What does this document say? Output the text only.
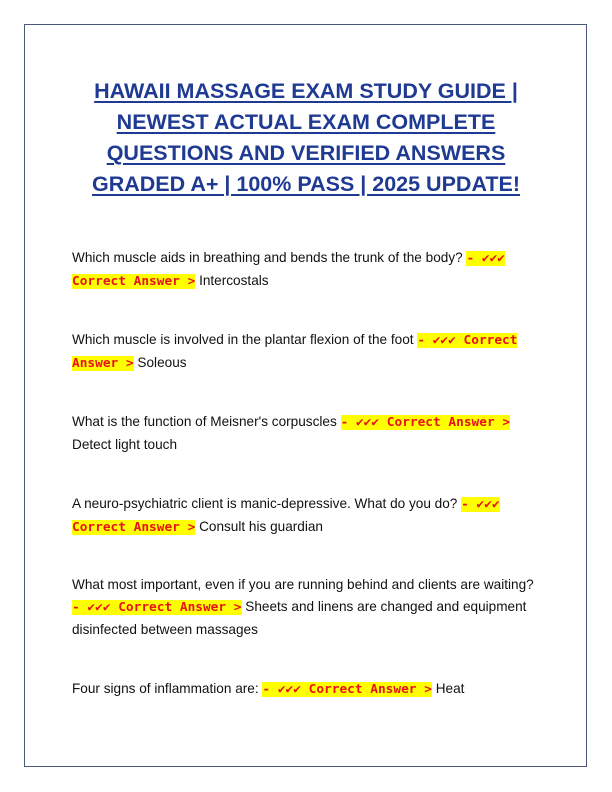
HAWAII MASSAGE EXAM STUDY GUIDE |
NEWEST ACTUAL EXAM COMPLETE
QUESTIONS AND VERIFIED ANSWERS
GRADED A+ | 100% PASS | 2025 UPDATE!

Which muscle aids in breathing and bends the trunk of the body? - ✔✔✔ Correct Answer > Intercostals

Which muscle is involved in the plantar flexion of the foot - ✔✔✔ Correct Answer > Soleous

What is the function of Meisner's corpuscles - ✔✔✔ Correct Answer > Detect light touch

A neuro-psychiatric client is manic-depressive. What do you do? - ✔✔✔ Correct Answer > Consult his guardian

What most important, even if you are running behind and clients are waiting? - ✔✔✔ Correct Answer > Sheets and linens are changed and equipment disinfected between massages

Four signs of inflammation are: - ✔✔✔ Correct Answer > Heat
